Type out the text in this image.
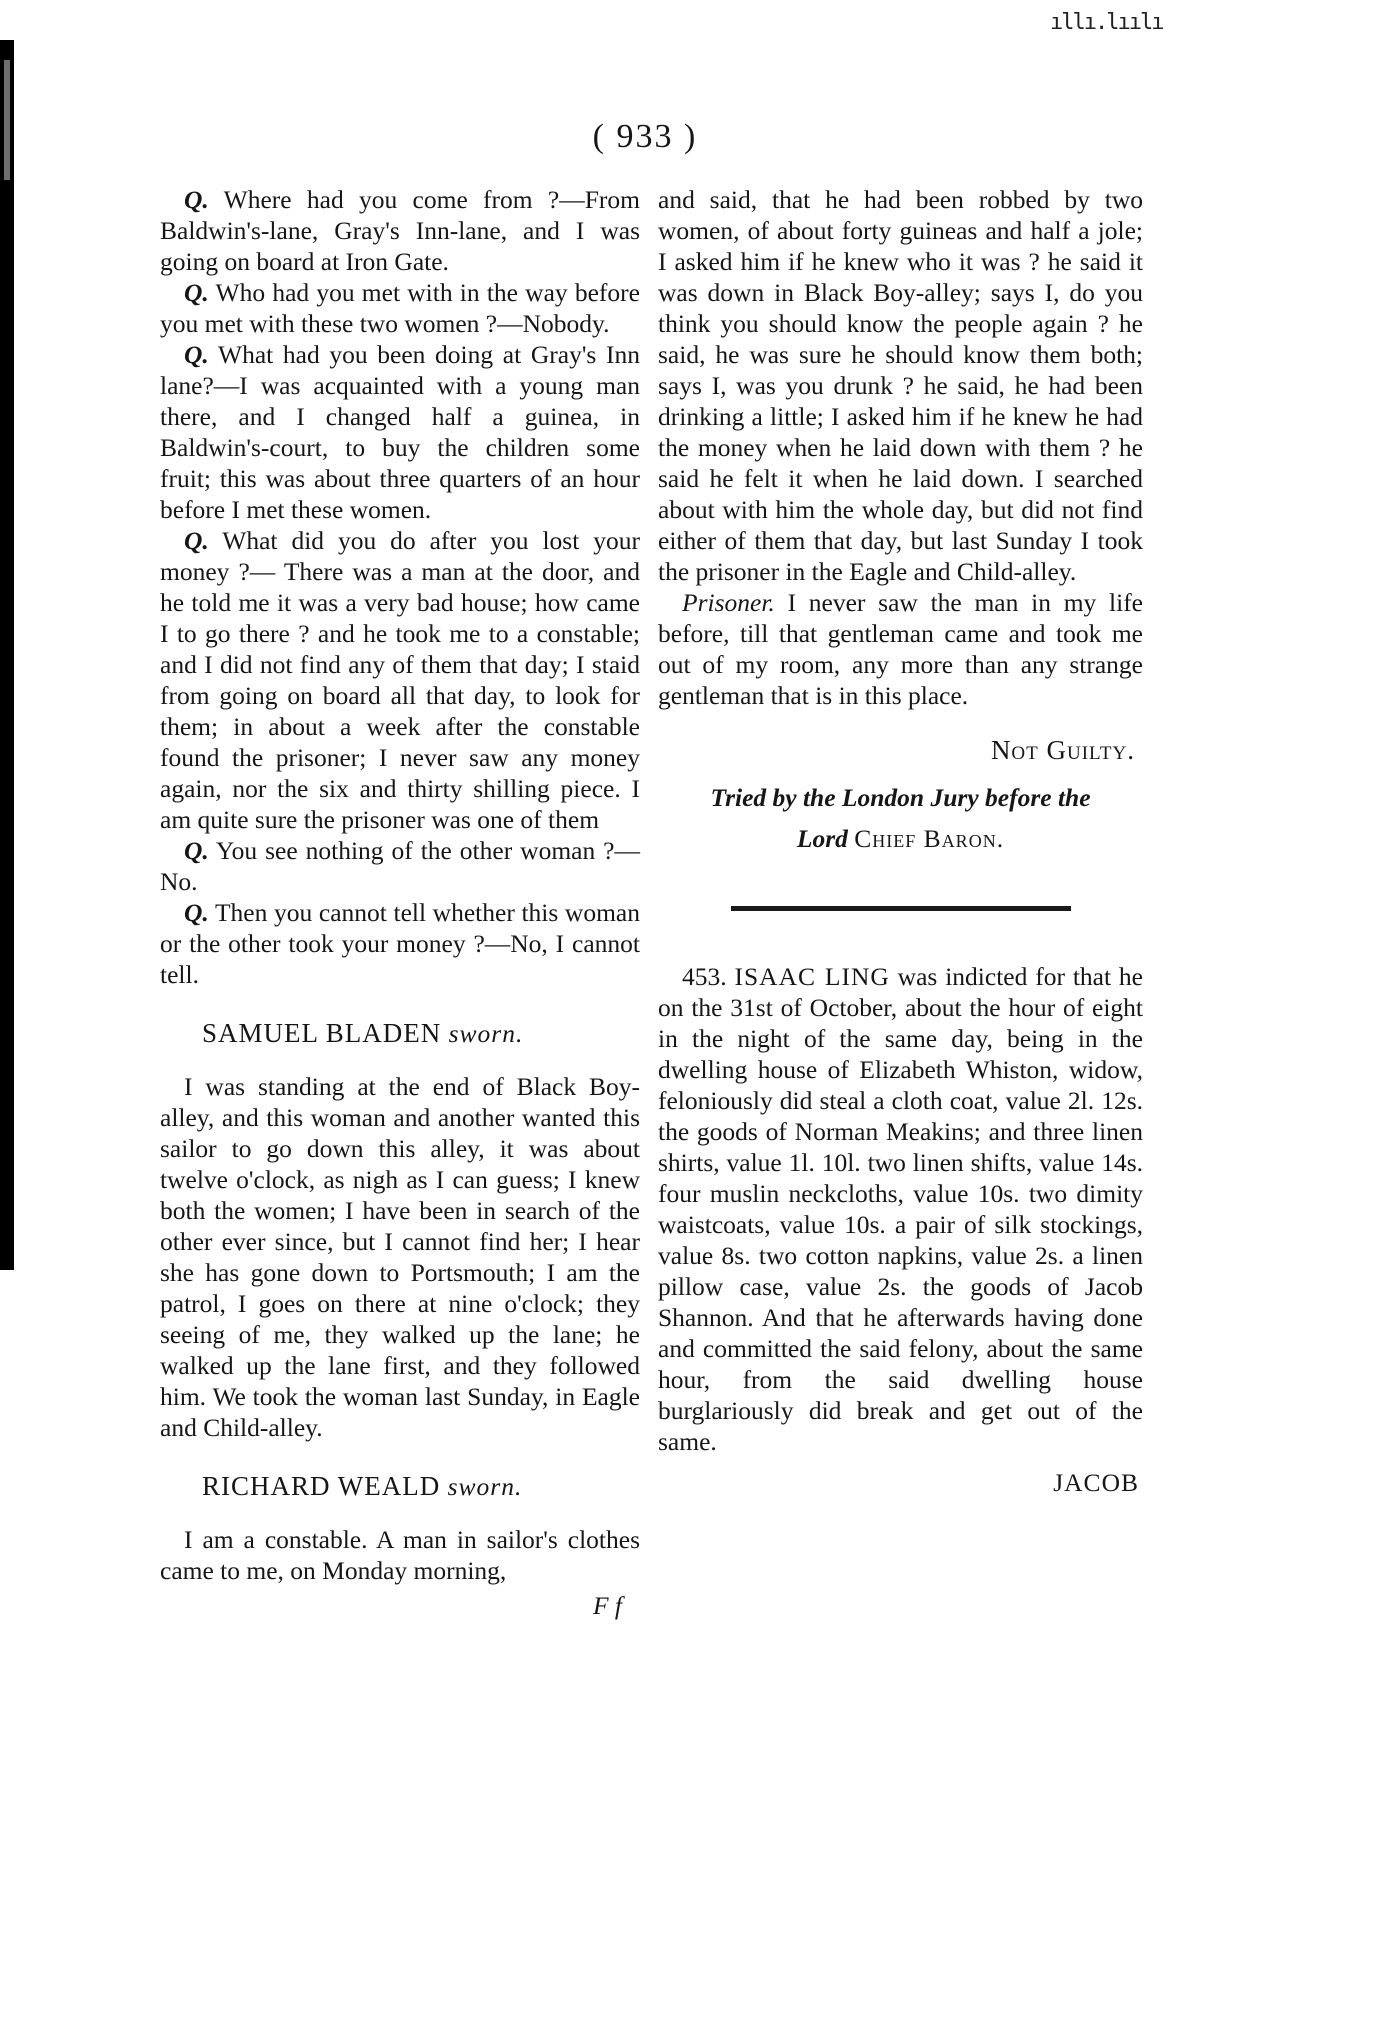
ıllı.lıılı
( 933 )

Q. Where had you come from ?—From Baldwin's-lane, Gray's Inn-lane, and I was going on board at Iron Gate.

Q. Who had you met with in the way before you met with these two women ?—Nobody.

Q. What had you been doing at Gray's Inn lane?—I was acquainted with a young man there, and I changed half a guinea, in Baldwin's-court, to buy the children some fruit; this was about three quarters of an hour before I met these women.

Q. What did you do after you lost your money ?— There was a man at the door, and he told me it was a very bad house; how came I to go there ? and he took me to a constable; and I did not find any of them that day; I staid from going on board all that day, to look for them; in about a week after the constable found the prisoner; I never saw any money again, nor the six and thirty shilling piece. I am quite sure the prisoner was one of them

Q. You see nothing of the other woman ?—No.

Q. Then you cannot tell whether this woman or the other took your money ?—No, I cannot tell.

SAMUEL BLADEN sworn.

I was standing at the end of Black Boy-alley, and this woman and another wanted this sailor to go down this alley, it was about twelve o'clock, as nigh as I can guess; I knew both the women; I have been in search of the other ever since, but I cannot find her; I hear she has gone down to Portsmouth; I am the patrol, I goes on there at nine o'clock; they seeing of me, they walked up the lane; he walked up the lane first, and they followed him. We took the woman last Sunday, in Eagle and Child-alley.

RICHARD WEALD sworn.

I am a constable. A man in sailor's clothes came to me, on Monday morning,

F f

and said, that he had been robbed by two women, of about forty guineas and half a jole; I asked him if he knew who it was ? he said it was down in Black Boy-alley; says I, do you think you should know the people again ? he said, he was sure he should know them both; says I, was you drunk ? he said, he had been drinking a little; I asked him if he knew he had the money when he laid down with them ? he said he felt it when he laid down. I searched about with him the whole day, but did not find either of them that day, but last Sunday I took the prisoner in the Eagle and Child-alley.

Prisoner. I never saw the man in my life before, till that gentleman came and took me out of my room, any more than any strange gentleman that is in this place.

Not Guilty.

Tried by the London Jury before the

Lord Chief Baron.

453. ISAAC LING was indicted for that he on the 31st of October, about the hour of eight in the night of the same day, being in the dwelling house of Elizabeth Whiston, widow, feloniously did steal a cloth coat, value 2l. 12s. the goods of Norman Meakins; and three linen shirts, value 1l. 10l. two linen shifts, value 14s. four muslin neckcloths, value 10s. two dimity waistcoats, value 10s. a pair of silk stockings, value 8s. two cotton napkins, value 2s. a linen pillow case, value 2s. the goods of Jacob Shannon. And that he afterwards having done and committed the said felony, about the same hour, from the said dwelling house burglariously did break and get out of the same.

JACOB
